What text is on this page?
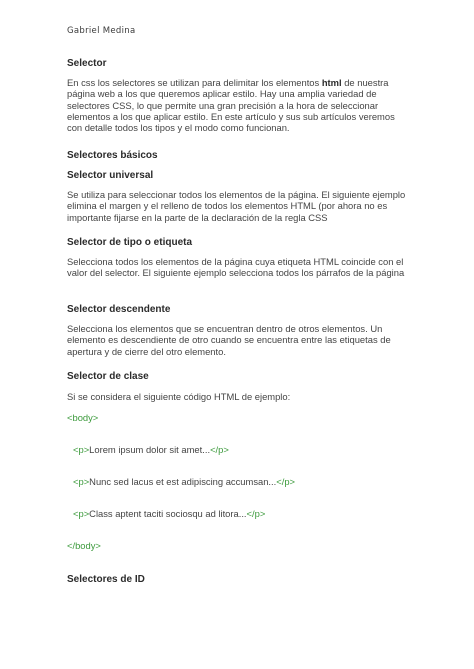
Gabriel Medina
Selector
En css los selectores se utilizan para delimitar los elementos html de nuestra página web a los que queremos aplicar estilo. Hay una amplia variedad de selectores CSS, lo que permite una gran precisión a la hora de seleccionar elementos a los que aplicar estilo. En este artículo y sus sub artículos veremos con detalle todos los tipos y el modo como funcionan.
Selectores básicos
Selector universal
Se utiliza para seleccionar todos los elementos de la página. El siguiente ejemplo elimina el margen y el relleno de todos los elementos HTML (por ahora no es importante fijarse en la parte de la declaración de la regla CSS
Selector de tipo o etiqueta
Selecciona todos los elementos de la página cuya etiqueta HTML coincide con el valor del selector. El siguiente ejemplo selecciona todos los párrafos de la página
Selector descendente
Selecciona los elementos que se encuentran dentro de otros elementos. Un elemento es descendiente de otro cuando se encuentra entre las etiquetas de apertura y de cierre del otro elemento.
Selector de clase
Si se considera el siguiente código HTML de ejemplo:
<body>
<p>Lorem ipsum dolor sit amet...</p>
<p>Nunc sed lacus et est adipiscing accumsan...</p>
<p>Class aptent taciti sociosqu ad litora...</p>
</body>
Selectores de ID
